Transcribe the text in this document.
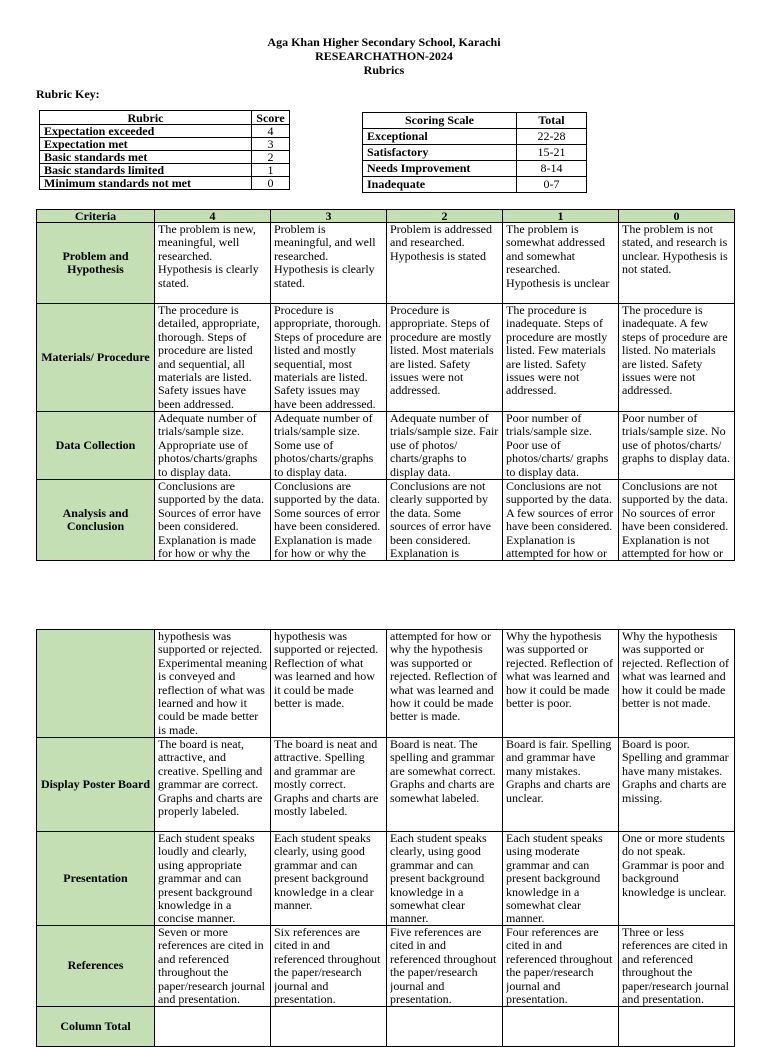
Aga Khan Higher Secondary School, Karachi
RESEARCHATHON-2024
Rubrics
Rubric Key:
Rubric	Score
Expectation exceeded	4
Expectation met	3
Basic standards met	2
Basic standards limited	1
Minimum standards not met	0
Scoring Scale	Total
Exceptional	22-28
Satisfactory	15-21
Needs Improvement	8-14
Inadequate	0-7
Criteria	4	3	2	1	0
Problem and Hypothesis	The problem is new, meaningful, well researched. Hypothesis is clearly stated.	Problem is meaningful, and well researched. Hypothesis is clearly stated.	Problem is addressed and researched. Hypothesis is stated	The problem is somewhat addressed and somewhat researched. Hypothesis is unclear	The problem is not stated, and research is unclear. Hypothesis is not stated.

Materials/ Procedure	The procedure is detailed, appropriate, thorough. Steps of procedure are listed and sequential, all materials are listed. Safety issues have been addressed.	Procedure is appropriate, thorough. Steps of procedure are listed and mostly sequential, most materials are listed. Safety issues may have been addressed.	Procedure is appropriate. Steps of procedure are mostly listed. Most materials are listed. Safety issues were not addressed.	The procedure is inadequate. Steps of procedure are mostly listed. Few materials are listed. Safety issues were not addressed.	The procedure is inadequate. A few steps of procedure are listed. No materials are listed. Safety issues were not addressed.

Data Collection	Adequate number of trials/sample size. Appropriate use of photos/charts/graphs to display data.	Adequate number of trials/sample size. Some use of photos/charts/graphs to display data.	Adequate number of trials/sample size. Fair use of photos/ charts/graphs to display data.	Poor number of trials/sample size. Poor use of photos/charts/ graphs to display data.	Poor number of trials/sample size. No use of photos/charts/ graphs to display data.

Analysis and Conclusion	Conclusions are supported by the data. Sources of error have been considered. Explanation is made for how or why the	Conclusions are supported by the data. Some sources of error have been considered. Explanation is made for how or why the	Conclusions are not clearly supported by the data. Some sources of error have been considered. Explanation is	Conclusions are not supported by the data. A few sources of error have been considered. Explanation is attempted for how or	Conclusions are not supported by the data. No sources of error have been considered. Explanation is not attempted for how or

	hypothesis was supported or rejected. Experimental meaning is conveyed and reflection of what was learned and how it could be made better is made.	hypothesis was supported or rejected. Reflection of what was learned and how it could be made better is made.	attempted for how or why the hypothesis was supported or rejected. Reflection of what was learned and how it could be made better is made.	Why the hypothesis was supported or rejected. Reflection of what was learned and how it could be made better is poor.	Why the hypothesis was supported or rejected. Reflection of what was learned and how it could be made better is not made.

Display Poster Board	The board is neat, attractive, and creative. Spelling and grammar are correct. Graphs and charts are properly labeled.	The board is neat and attractive. Spelling and grammar are mostly correct. Graphs and charts are mostly labeled.	Board is neat. The spelling and grammar are somewhat correct. Graphs and charts are somewhat labeled.	Board is fair. Spelling and grammar have many mistakes. Graphs and charts are unclear.	Board is poor. Spelling and grammar have many mistakes. Graphs and charts are missing.

Presentation	Each student speaks loudly and clearly, using appropriate grammar and can present background knowledge in a concise manner.	Each student speaks clearly, using good grammar and can present background knowledge in a clear manner.	Each student speaks clearly, using good grammar and can present background knowledge in a somewhat clear manner.	Each student speaks using moderate grammar and can present background knowledge in a somewhat clear manner.	One or more students do not speak. Grammar is poor and background knowledge is unclear.

References	Seven or more references are cited in and referenced throughout the paper/research journal and presentation.	Six references are cited in and referenced throughout the paper/research journal and presentation.	Five references are cited in and referenced throughout the paper/research journal and presentation.	Four references are cited in and referenced throughout the paper/research journal and presentation.	Three or less references are cited in and referenced throughout the paper/research journal and presentation.

Column Total					
